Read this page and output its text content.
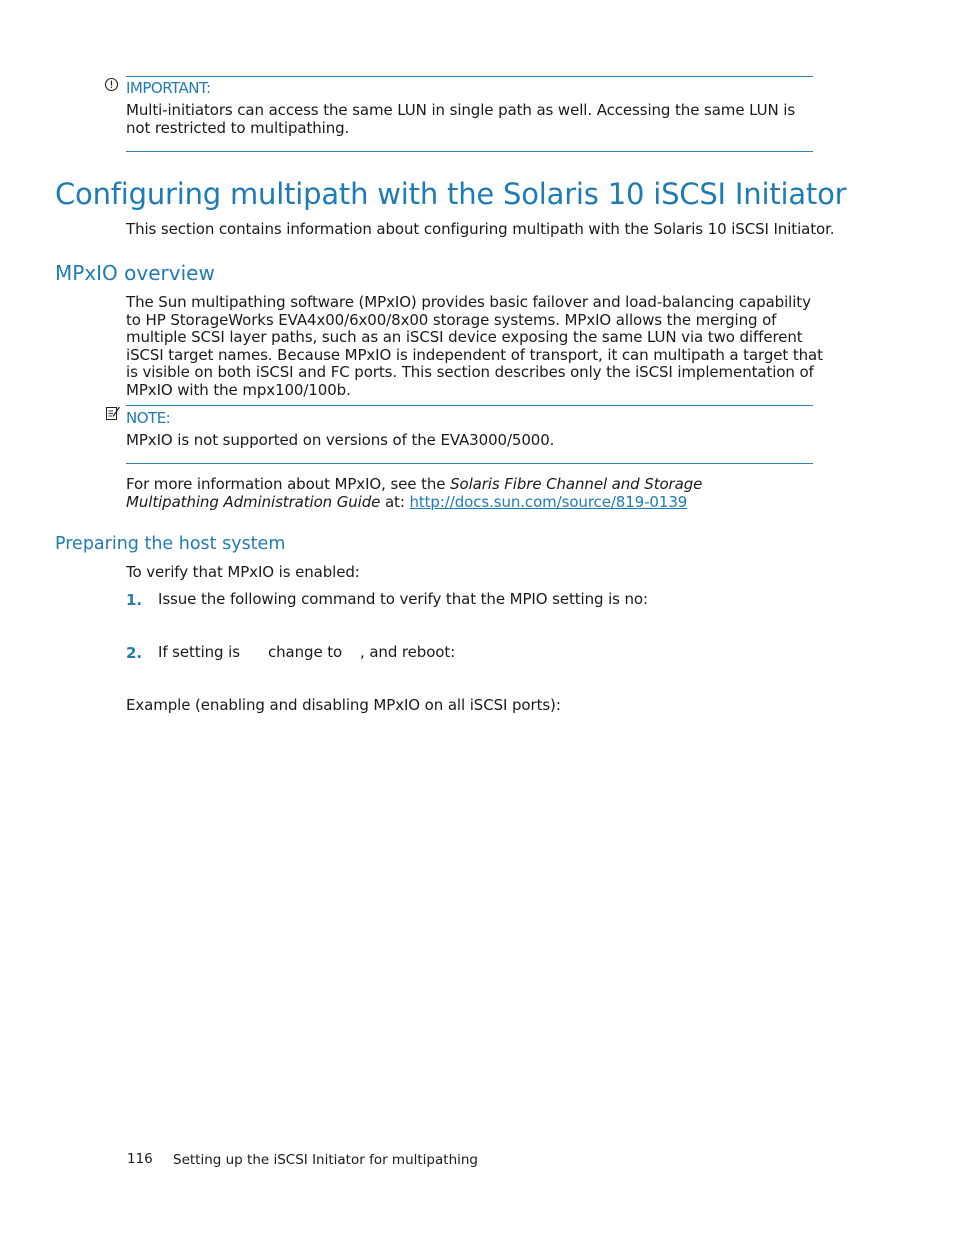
IMPORTANT:
Multi-initiators can access the same LUN in single path as well. Accessing the same LUN is not restricted to multipathing.
Configuring multipath with the Solaris 10 iSCSI Initiator
This section contains information about configuring multipath with the Solaris 10 iSCSI Initiator.
MPxIO overview
The Sun multipathing software (MPxIO) provides basic failover and load-balancing capability to HP StorageWorks EVA4x00/6x00/8x00 storage systems. MPxIO allows the merging of multiple SCSI layer paths, such as an iSCSI device exposing the same LUN via two different iSCSI target names. Because MPxIO is independent of transport, it can multipath a target that is visible on both iSCSI and FC ports. This section describes only the iSCSI implementation of MPxIO with the mpx100/100b.
NOTE:
MPxIO is not supported on versions of the EVA3000/5000.
For more information about MPxIO, see the Solaris Fibre Channel and Storage Multipathing Administration Guide at: http://docs.sun.com/source/819-0139
Preparing the host system
To verify that MPxIO is enabled:
1. Issue the following command to verify that the MPIO setting is no:
2. If setting is change to , and reboot:
Example (enabling and disabling MPxIO on all iSCSI ports):
116 Setting up the iSCSI Initiator for multipathing
